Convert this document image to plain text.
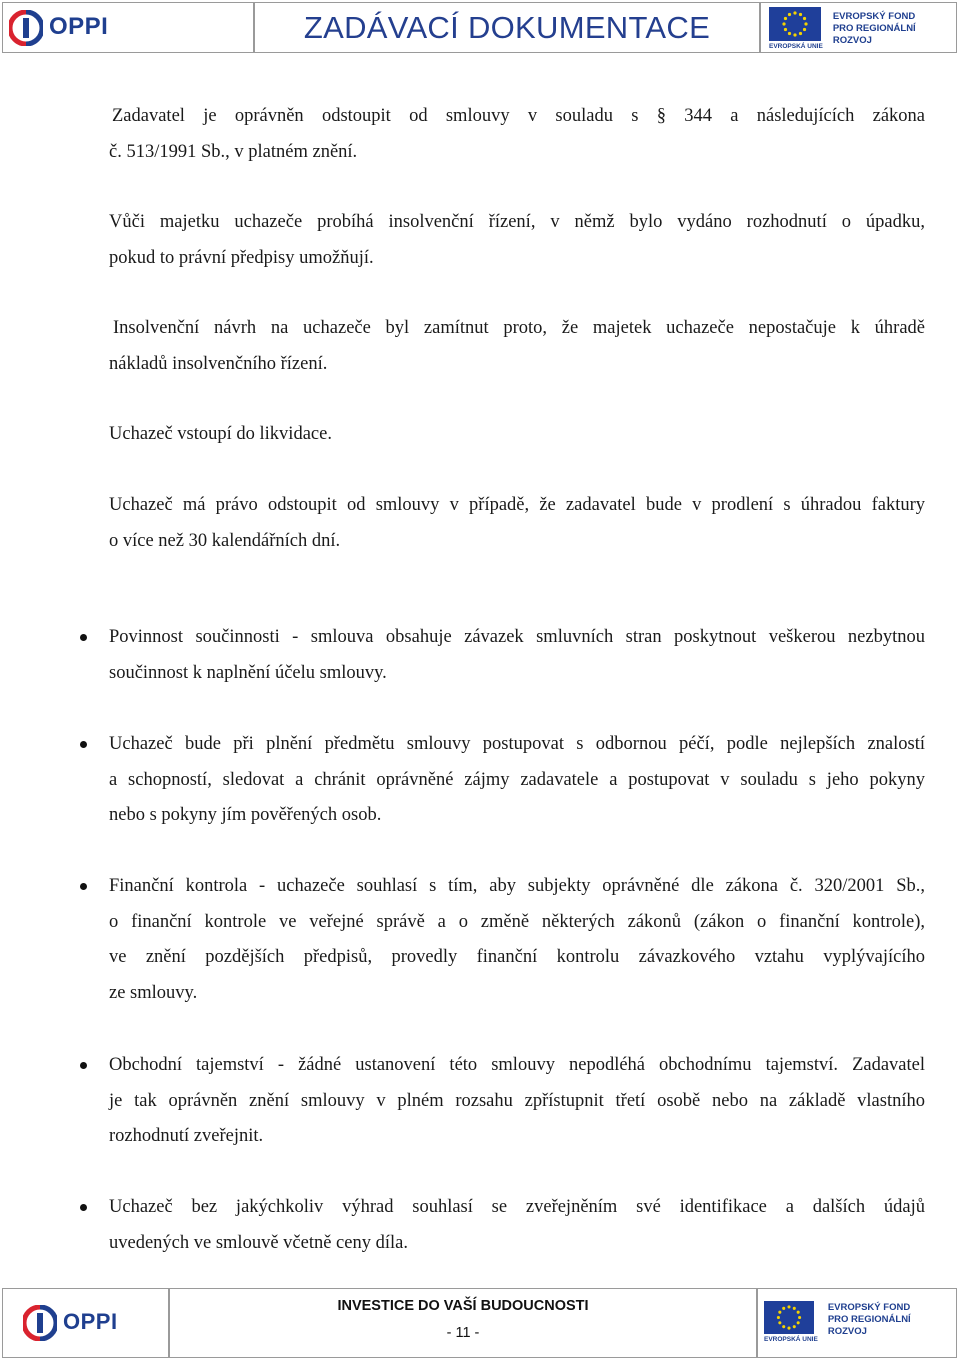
OPPI	ZADÁVACÍ DOKUMENTACE
EVROPSKÁ UNIE
EVROPSKÝ FOND
PRO REGIONÁLNÍ
ROZVOJ
Zadavatel je oprávněn odstoupit od smlouvy v souladu s § 344 a následujících zákona
č. 513/1991 Sb., v platném znění.
Vůči majetku uchazeče probíhá insolvenční řízení, v němž bylo vydáno rozhodnutí o úpadku,
pokud to právní předpisy umožňují.
Insolvenční návrh na uchazeče byl zamítnut proto, že majetek uchazeče nepostačuje k úhradě
nákladů insolvenčního řízení.
Uchazeč vstoupí do likvidace.
Uchazeč má právo odstoupit od smlouvy v případě, že zadavatel bude v prodlení s úhradou faktury
o více než 30 kalendářních dní.
Povinnost součinnosti - smlouva obsahuje závazek smluvních stran poskytnout veškerou nezbytnou
součinnost k naplnění účelu smlouvy.
Uchazeč bude při plnění předmětu smlouvy postupovat s odbornou péčí, podle nejlepších znalostí
a schopností, sledovat a chránit oprávněné zájmy zadavatele a postupovat v souladu s jeho pokyny
nebo s pokyny jím pověřených osob.
Finanční kontrola - uchazeče souhlasí s tím, aby subjekty oprávněné dle zákona č. 320/2001 Sb.,
o finanční kontrole ve veřejné správě a o změně některých zákonů (zákon o finanční kontrole),
ve znění pozdějších předpisů, provedly finanční kontrolu závazkového vztahu vyplývajícího
ze smlouvy.
Obchodní tajemství - žádné ustanovení této smlouvy nepodléhá obchodnímu tajemství. Zadavatel
je tak oprávněn znění smlouvy v plném rozsahu zpřístupnit třetí osobě nebo na základě vlastního
rozhodnutí zveřejnit.
Uchazeč bez jakýchkoliv výhrad souhlasí se zveřejněním své identifikace a dalších údajů
uvedených ve smlouvě včetně ceny díla.
OPPI
INVESTICE DO VAŠÍ BUDOUCNOSTI
- 11 -	EVROPSKÁ UNIE
EVROPSKÝ FOND
PRO REGIONÁLNÍ
ROZVOJ
